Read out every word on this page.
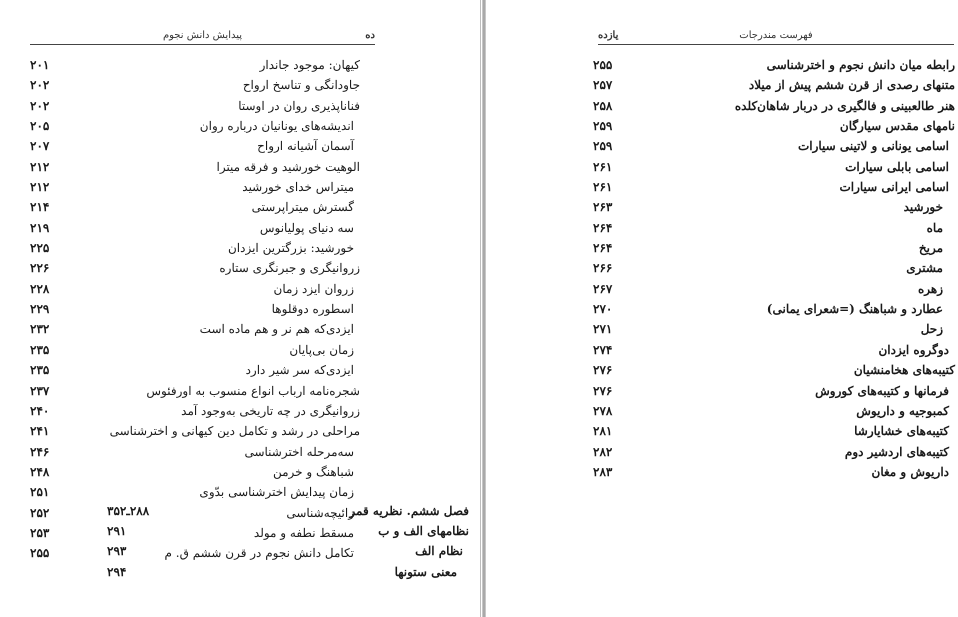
پیدایش دانش نجوم	ده
کیهان: موجود جاندار
۲۰۱
جاودانگی و تناسخ ارواح
۲۰۲
فناناپذیری روان در اوستا
۲۰۲
اندیشه‌های یونانیان درباره روان
۲۰۵
آسمان آشیانه ارواح
۲۰۷
الوهیت خورشید و فرقه میترا
۲۱۲
میتراس خدای خورشید
۲۱۲
گسترش میتراپرستی
۲۱۴
سه دنیای پولیانوس
۲۱۹
خورشید: بزرگترین ایزدان
۲۲۵
زروانیگری و جبرنگری ستاره
۲۲۶
زروان ایزد زمان
۲۲۸
اسطوره دوقلوها
۲۲۹
ایزدی‌که هم نر و هم ماده است
۲۳۲
زمان بی‌پایان
۲۳۵
ایزدی‌که سر شیر دارد
۲۳۵
شجره‌نامه ارباب انواع منسوب به اورفئوس
۲۳۷
زروانیگری در چه تاریخی به‌وجود آمد
۲۴۰
مراحلی در رشد و تکامل دین کیهانی و اخترشناسی
۲۴۱
سه‌مرحله اخترشناسی
۲۴۶
شباهنگ و خرمن
۲۴۸
زمان پیدایش اخترشناسی بدّوی
۲۵۱
زائیچه‌شناسی
۲۵۲
مسقط نطفه و مولد
۲۵۳
تکامل دانش نجوم در قرن ششم ق. م
۲۵۵
فهرست مندرجات
یازده
رابطه میان دانش نجوم و اخترشناسی
۲۵۵
متنهای رصدی از قرن ششم پیش از میلاد
۲۵۷
هنر طالعبینی و فالگیری در دربار شاهان‌کلده
۲۵۸
نامهای مقدس سیارگان
۲۵۹
اسامی یونانی و لاتینی سیارات
۲۵۹
اسامی بابلی سیارات
۲۶۱
اسامی ایرانی سیارات
۲۶۱
خورشید
۲۶۳
ماه
۲۶۴
مریخ
۲۶۴
مشتری
۲۶۶
زهره
۲۶۷
عطارد و شباهنگ (=شعرای یمانی)
۲۷۰
زحل
۲۷۱
دوگروه ایزدان
۲۷۴
کتیبه‌های هخامنشیان
۲۷۶
فرمانها و کتیبه‌های کوروش
۲۷۶
کمبوجیه و داریوش
۲۷۸
کتیبه‌های خشایارشا
۲۸۱
کتیبه‌های اردشیر دوم
۲۸۲
داریوش و مغان
۲۸۳
فصل ششم. نظریه قمر
۲۸۸ـ۳۵۲
نظامهای الف و ب
۲۹۱
نظام الف
۲۹۳
معنی ستونها
۲۹۴
